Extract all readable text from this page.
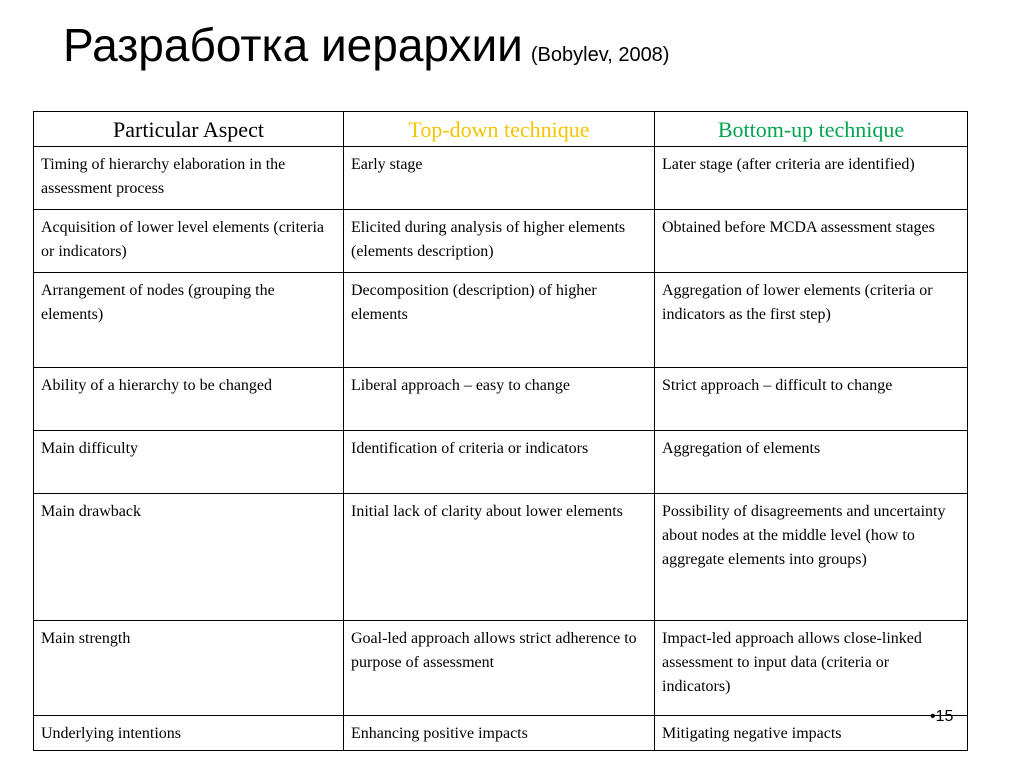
Разработка иерархии (Bobylev, 2008)
Particular Aspect	Top-down technique	Bottom-up technique
Timing of hierarchy elaboration in the assessment process	Early stage	Later stage (after criteria are identified)
Acquisition of lower level elements (criteria or indicators)	Elicited during analysis of higher elements (elements description)	Obtained before MCDA assessment stages
Arrangement of nodes (grouping the elements)	Decomposition (description) of higher elements	Aggregation of lower elements (criteria or indicators as the first step)
Ability of a hierarchy to be changed	Liberal approach – easy to change	Strict approach – difficult to change
Main difficulty	Identification of criteria or indicators	Aggregation of elements
Main drawback	Initial lack of clarity about lower elements	Possibility of disagreements and uncertainty about nodes at the middle level (how to aggregate elements into groups)
Main strength	Goal-led approach allows strict adherence to purpose of assessment	Impact-led approach allows close-linked assessment to input data (criteria or indicators)
Underlying intentions	Enhancing positive impacts	Mitigating negative impacts
•15
